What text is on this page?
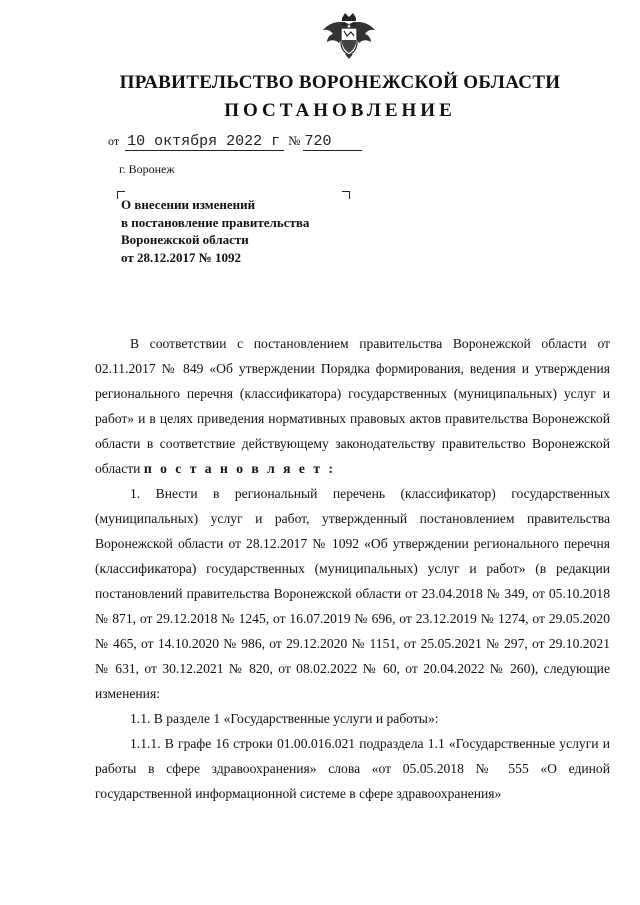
ПРАВИТЕЛЬСТВО ВОРОНЕЖСКОЙ ОБЛАСТИ
ПОСТАНОВЛЕНИЕ
от 10 октября 2022 г № 720
г. Воронеж
О внесении изменений
в постановление правительства
Воронежской области
от 28.12.2017 № 1092

В соответствии с постановлением правительства Воронежской области от 02.11.2017 № 849 «Об утверждении Порядка формирования, ведения и утверждения регионального перечня (классификатора) государственных (муниципальных) услуг и работ» и в целях приведения нормативных правовых актов правительства Воронежской области в соответствие действующему законодательству правительство Воронежской области п о с т а н о в л я е т :

1. Внести в региональный перечень (классификатор) государственных (муниципальных) услуг и работ, утвержденный постановлением правительства Воронежской области от 28.12.2017 № 1092 «Об утверждении регионального перечня (классификатора) государственных (муниципальных) услуг и работ» (в редакции постановлений правительства Воронежской области от 23.04.2018 № 349, от 05.10.2018 № 871, от 29.12.2018 № 1245, от 16.07.2019 № 696, от 23.12.2019 № 1274, от 29.05.2020 № 465, от 14.10.2020 № 986, от 29.12.2020 № 1151, от 25.05.2021 № 297, от 29.10.2021 № 631, от 30.12.2021 № 820, от 08.02.2022 № 60, от 20.04.2022 № 260), следующие изменения:

1.1. В разделе 1 «Государственные услуги и работы»:

1.1.1. В графе 16 строки 01.00.016.021 подраздела 1.1 «Государственные услуги и работы в сфере здравоохранения» слова «от 05.05.2018 № 555 «О единой государственной информационной системе в сфере здравоохранения»
